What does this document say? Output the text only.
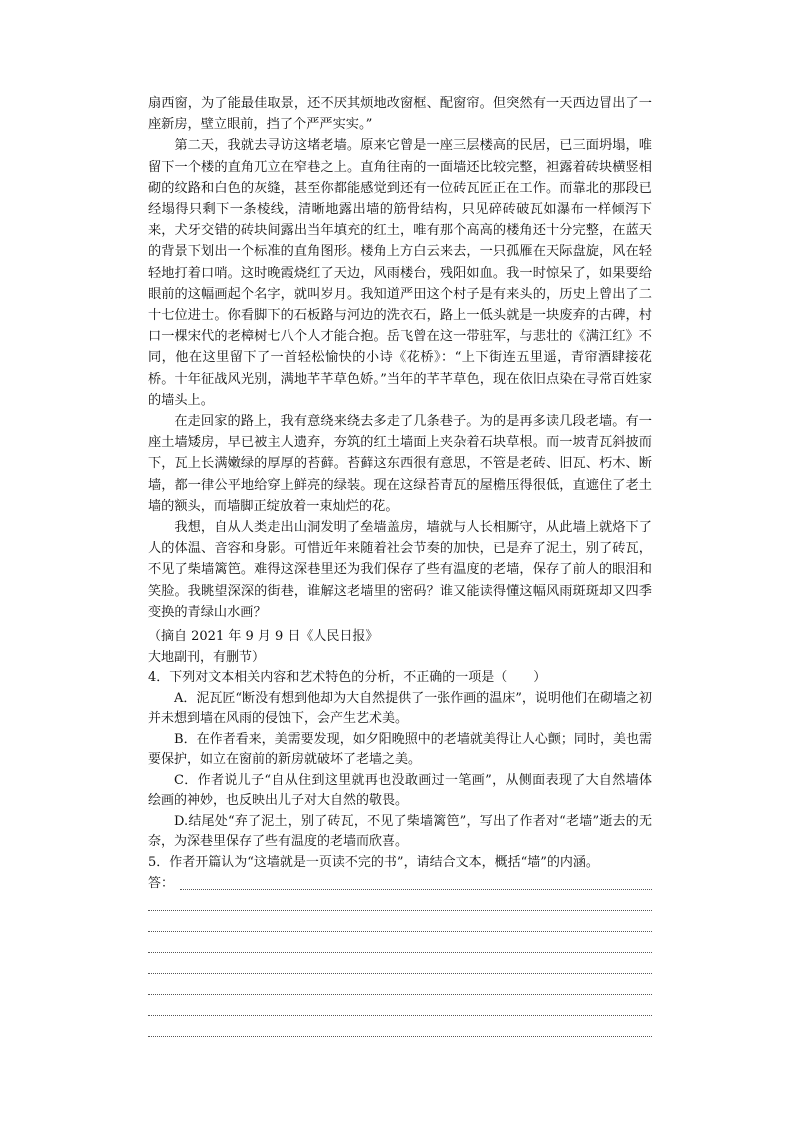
扇西窗，为了能最佳取景，还不厌其烦地改窗框、配窗帘。但突然有一天西边冒出了一座新房，壁立眼前，挡了个严严实实。”

第二天，我就去寻访这堵老墙。原来它曾是一座三层楼高的民居，已三面坍塌，唯留下一个楼的直角兀立在窄巷之上。直角往南的一面墙还比较完整，袒露着砖块横竖相砌的纹路和白色的灰缝，甚至你都能感觉到还有一位砖瓦匠正在工作。而靠北的那段已经塌得只剩下一条棱线，清晰地露出墙的筋骨结构，只见碎砖破瓦如瀑布一样倾泻下来，犬牙交错的砖块间露出当年填充的红土，唯有那个高高的楼角还十分完整，在蓝天的背景下划出一个标准的直角图形。楼角上方白云来去，一只孤雁在天际盘旋，风在轻轻地打着口哨。这时晚霞烧红了天边，风雨楼台，残阳如血。我一时惊呆了，如果要给眼前的这幅画起个名字，就叫岁月。我知道严田这个村子是有来头的，历史上曾出了二十七位进士。你看脚下的石板路与河边的洗衣石，路上一低头就是一块废弃的古碑，村口一棵宋代的老樟树七八个人才能合抱。岳飞曾在这一带驻军，与悲壮的《满江红》不同，他在这里留下了一首轻松愉快的小诗《花桥》：“上下街连五里遥，青帘酒肆接花桥。十年征战风光别，满地芊芊草色娇。”当年的芊芊草色，现在依旧点染在寻常百姓家的墙头上。

在走回家的路上，我有意绕来绕去多走了几条巷子。为的是再多读几段老墙。有一座土墙矮房，早已被主人遗弃，夯筑的红土墙面上夹杂着石块草根。而一坡青瓦斜披而下，瓦上长满嫩绿的厚厚的苔藓。苔藓这东西很有意思，不管是老砖、旧瓦、朽木、断墙，都一律公平地给穿上鲜亮的绿装。现在这绿苔青瓦的屋檐压得很低，直遮住了老土墙的额头，而墙脚正绽放着一束灿烂的花。

我想，自从人类走出山洞发明了垒墙盖房，墙就与人长相厮守，从此墙上就烙下了人的体温、音容和身影。可惜近年来随着社会节奏的加快，已是弃了泥土，别了砖瓦，不见了柴墙篱笆。难得这深巷里还为我们保存了些有温度的老墙，保存了前人的眼泪和笑脸。我眺望深深的街巷，谁解这老墙里的密码？谁又能读得懂这幅风雨斑斑却又四季变换的青绿山水画？

（摘自 2021 年 9 月 9 日《人民日报》

大地副刊，有删节）

4．下列对文本相关内容和艺术特色的分析，不正确的一项是（　　）

A．泥瓦匠“断没有想到他却为大自然提供了一张作画的温床”，说明他们在砌墙之初并未想到墙在风雨的侵蚀下，会产生艺术美。

B．在作者看来，美需要发现，如夕阳晚照中的老墙就美得让人心颤；同时，美也需要保护，如立在窗前的新房就破坏了老墙之美。

C．作者说儿子“自从住到这里就再也没敢画过一笔画”，从侧面表现了大自然墙体绘画的神妙，也反映出儿子对大自然的敬畏。

D.结尾处“弃了泥土，别了砖瓦，不见了柴墙篱笆”，写出了作者对“老墙”逝去的无奈，为深巷里保存了些有温度的老墙而欣喜。

5．作者开篇认为“这墙就是一页读不完的书”，请结合文本，概括“墙”的内涵。

答：
